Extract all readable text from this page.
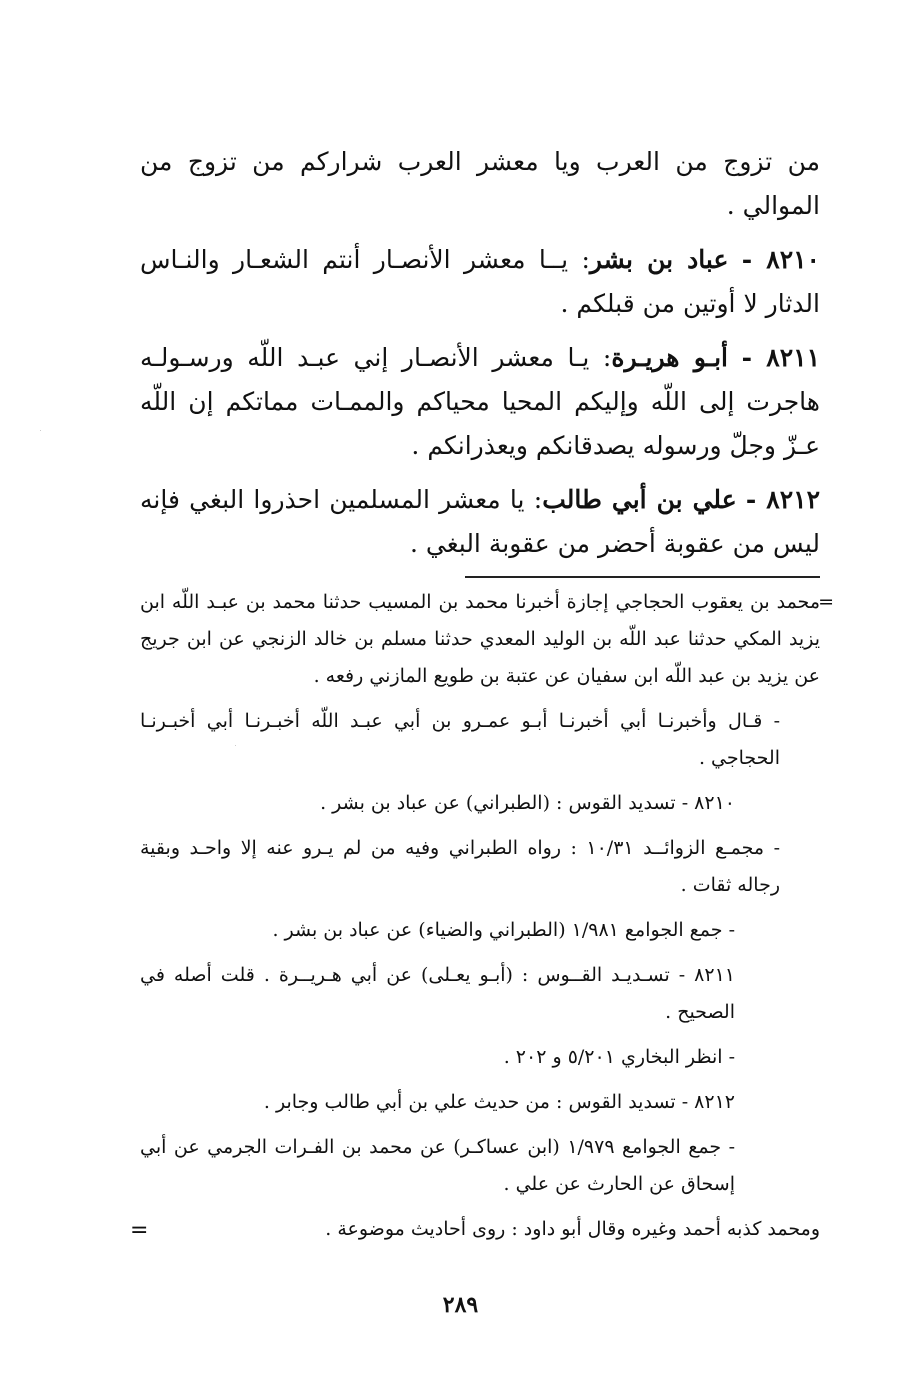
من تزوج من العرب ويا معشر العرب شراركم من تزوج من الموالي .

٨٢١٠ - عباد بن بشر: يــا معشر الأنصـار أنتم الشعـار والنـاس الدثار لا أوتين من قبلكم .

٨٢١١ - أبـو هريـرة: يـا معشر الأنصـار إني عبـد اللّه ورسـولـه هاجرت إلى اللّه وإليكم المحيا محياكم والممـات مماتكم إن اللّه عـزّ وجلّ ورسوله يصدقانكم ويعذرانكم .

٨٢١٢ - علي بن أبي طالب: يا معشر المسلمين احذروا البغي فإنه ليس من عقوبة أحضر من عقوبة البغي .

=

محمد بن يعقوب الحجاجي إجازة أخبرنا محمد بن المسيب حدثنا محمد بن عبـد اللّه ابن يزيد المكي حدثنا عبد اللّه بن الوليد المعدي حدثنا مسلم بن خالد الزنجي عن ابن جريج عن يزيد بن عبد اللّه ابن سفيان عن عتبة بن طويع المازني رفعه .

- قـال وأخبرنـا أبي أخبرنـا أبـو عمـرو بن أبي عبـد اللّه أخبـرنـا أبي أخبـرنـا الحجاجي .

٨٢١٠ - تسديد القوس : (الطبراني) عن عباد بن بشر .

- مجمـع الزوائــد ١٠/٣١ : رواه الطبراني وفيه من لم يـرو عنه إلا واحـد وبقية رجاله ثقات .

- جمع الجوامع ١/٩٨١ (الطبراني والضياء) عن عباد بن بشر .

٨٢١١ - تسـديـد القــوس : (أبـو يعـلى) عن أبي هـريــرة . قلت أصله في الصحيح .

- انظر البخاري ٥/٢٠١ و ٢٠٢ .

٨٢١٢ - تسديد القوس : من حديث علي بن أبي طالب وجابر .

- جمع الجوامع ١/٩٧٩ (ابن عساكـر) عن محمد بن الفـرات الجرمي عن أبي إسحاق عن الحارث عن علي .

ومحمد كذبه أحمد وغيره وقال أبو داود : روى أحاديث موضوعة .

=
٢٨٩
